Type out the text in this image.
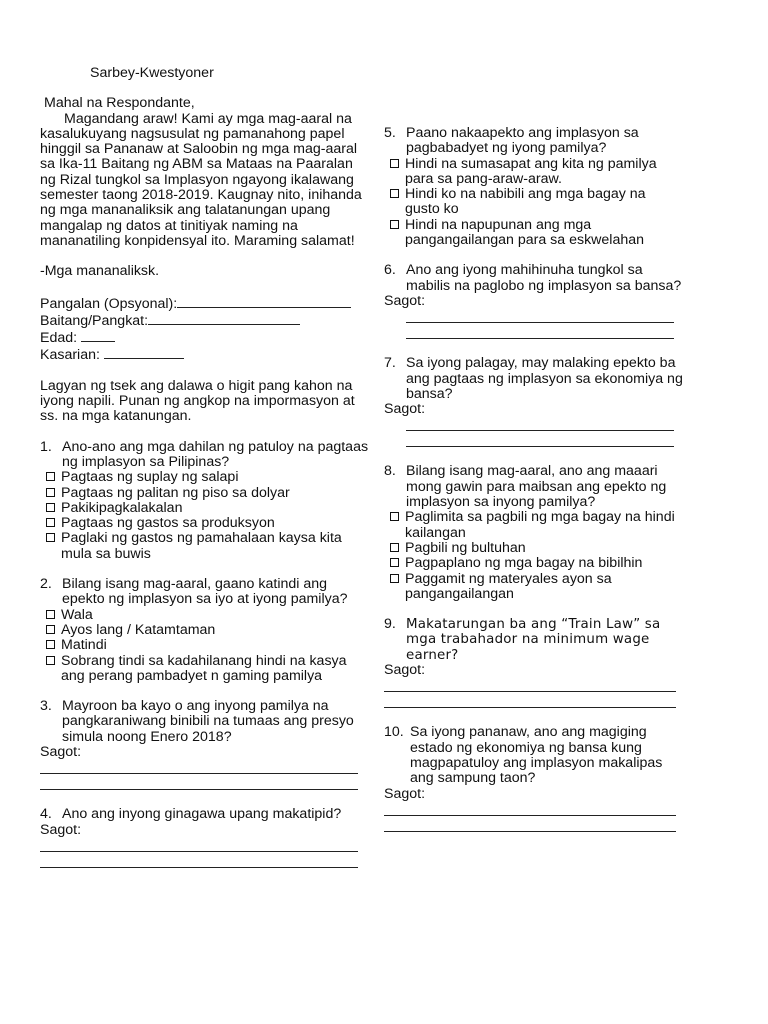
Sarbey-Kwestyoner

Mahal na Respondante,

Magandang araw! Kami ay mga mag-aaral na kasalukuyang nagsusulat ng pamanahong papel hinggil sa Pananaw at Saloobin ng mga mag-aaral sa Ika-11 Baitang ng ABM sa Mataas na Paaralan ng Rizal tungkol sa Implasyon ngayong ikalawang semester taong 2018-2019. Kaugnay nito, inihanda ng mga mananaliksik ang talatanungan upang mangalap ng datos at tinitiyak naming na mananatiling konpidensyal ito. Maraming salamat!

-Mga mananaliksk.

Pangalan (Opsyonal):

Baitang/Pangkat:

Edad:

Kasarian:

Lagyan ng tsek ang dalawa o higit pang kahon na iyong napili. Punan ng angkop na impormasyon at ss. na mga katanungan.

1. Ano-ano ang mga dahilan ng patuloy na pagtaas ng implasyon sa Pilipinas?
Pagtaas ng suplay ng salapi
Pagtaas ng palitan ng piso sa dolyar
Pakikipagkalakalan
Pagtaas ng gastos sa produksyon
Paglaki ng gastos ng pamahalaan kaysa kita mula sa buwis
2. Bilang isang mag-aaral, gaano katindi ang epekto ng implasyon sa iyo at iyong pamilya?
Wala
Ayos lang / Katamtaman
Matindi
Sobrang tindi sa kadahilanang hindi na kasya ang perang pambadyet n gaming pamilya
3. Mayroon ba kayo o ang inyong pamilya na pangkaraniwang binibili na tumaas ang presyo simula noong Enero 2018?

Sagot:

4. Ano ang inyong ginagawa upang makatipid?

Sagot:

5. Paano nakaapekto ang implasyon sa pagbabadyet ng iyong pamilya?
Hindi na sumasapat ang kita ng pamilya para sa pang-araw-araw.
Hindi ko na nabibili ang mga bagay na gusto ko
Hindi na napupunan ang mga pangangailangan para sa eskwelahan
6. Ano ang iyong mahihinuha tungkol sa mabilis na paglobo ng implasyon sa bansa?

Sagot:

7. Sa iyong palagay, may malaking epekto ba ang pagtaas ng implasyon sa ekonomiya ng bansa?

Sagot:

8. Bilang isang mag-aaral, ano ang maaari mong gawin para maibsan ang epekto ng implasyon sa inyong pamilya?
Paglimita sa pagbili ng mga bagay na hindi kailangan
Pagbili ng bultuhan
Pagpaplano ng mga bagay na bibilhin
Paggamit ng materyales ayon sa pangangailangan
9. Makatarungan ba ang “Train Law” sa mga trabahador na minimum wage earner?

Sagot:

10. Sa iyong pananaw, ano ang magiging estado ng ekonomiya ng bansa kung magpapatuloy ang implasyon makalipas ang sampung taon?

Sagot:
